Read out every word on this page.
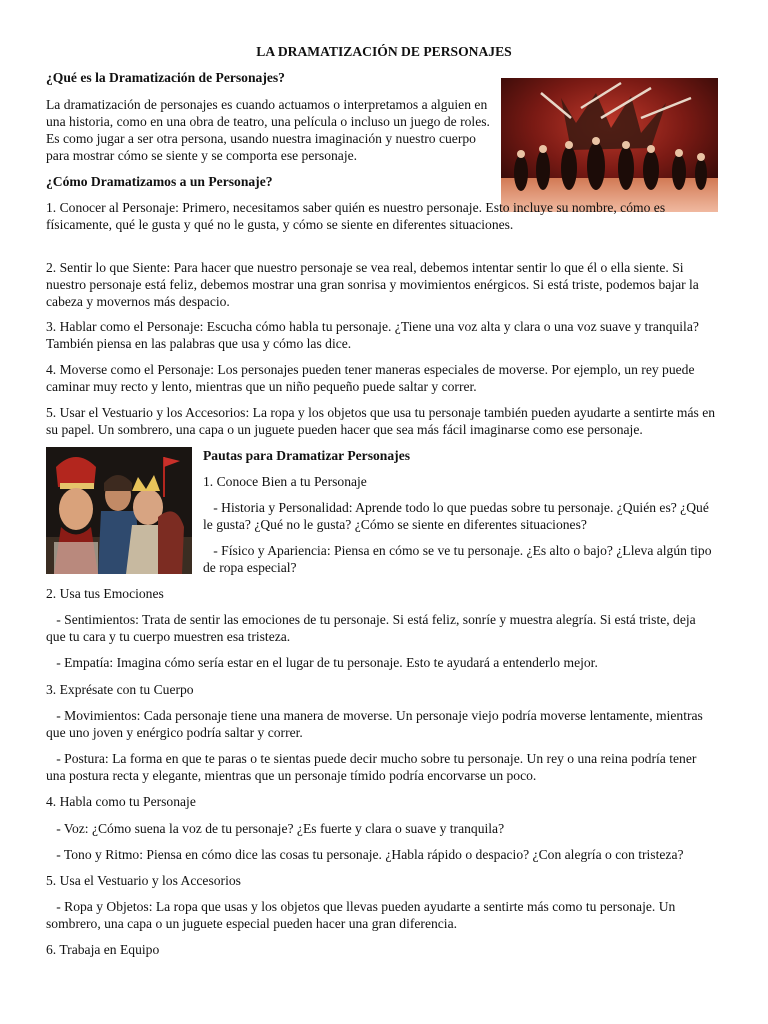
LA DRAMATIZACIÓN DE PERSONAJES

¿Qué es la Dramatización de Personajes?

La dramatización de personajes es cuando actuamos o interpretamos a alguien en una historia, como en una obra de teatro, una película o incluso un juego de roles. Es como jugar a ser otra persona, usando nuestra imaginación y nuestro cuerpo para mostrar cómo se siente y se comporta ese personaje.

¿Cómo Dramatizamos a un Personaje?

1. Conocer al Personaje: Primero, necesitamos saber quién es nuestro personaje. Esto incluye su nombre, cómo es físicamente, qué le gusta y qué no le gusta, y cómo se siente en diferentes situaciones.

2. Sentir lo que Siente: Para hacer que nuestro personaje se vea real, debemos intentar sentir lo que él o ella siente. Si nuestro personaje está feliz, debemos mostrar una gran sonrisa y movimientos enérgicos. Si está triste, podemos bajar la cabeza y movernos más despacio.

3. Hablar como el Personaje: Escucha cómo habla tu personaje. ¿Tiene una voz alta y clara o una voz suave y tranquila? También piensa en las palabras que usa y cómo las dice.

4. Moverse como el Personaje: Los personajes pueden tener maneras especiales de moverse. Por ejemplo, un rey puede caminar muy recto y lento, mientras que un niño pequeño puede saltar y correr.

5. Usar el Vestuario y los Accesorios: La ropa y los objetos que usa tu personaje también pueden ayudarte a sentirte más en su papel. Un sombrero, una capa o un juguete pueden hacer que sea más fácil imaginarse como ese personaje.

Pautas para Dramatizar Personajes

1. Conoce Bien a tu Personaje

- Historia y Personalidad: Aprende todo lo que puedas sobre tu personaje. ¿Quién es? ¿Qué le gusta? ¿Qué no le gusta? ¿Cómo se siente en diferentes situaciones?

- Físico y Apariencia: Piensa en cómo se ve tu personaje. ¿Es alto o bajo? ¿Lleva algún tipo de ropa especial?

2. Usa tus Emociones

- Sentimientos: Trata de sentir las emociones de tu personaje. Si está feliz, sonríe y muestra alegría. Si está triste, deja que tu cara y tu cuerpo muestren esa tristeza.

- Empatía: Imagina cómo sería estar en el lugar de tu personaje. Esto te ayudará a entenderlo mejor.

3. Exprésate con tu Cuerpo

- Movimientos: Cada personaje tiene una manera de moverse. Un personaje viejo podría moverse lentamente, mientras que uno joven y enérgico podría saltar y correr.

- Postura: La forma en que te paras o te sientas puede decir mucho sobre tu personaje. Un rey o una reina podría tener una postura recta y elegante, mientras que un personaje tímido podría encorvarse un poco.

4. Habla como tu Personaje

- Voz: ¿Cómo suena la voz de tu personaje? ¿Es fuerte y clara o suave y tranquila?

- Tono y Ritmo: Piensa en cómo dice las cosas tu personaje. ¿Habla rápido o despacio? ¿Con alegría o con tristeza?

5. Usa el Vestuario y los Accesorios

- Ropa y Objetos: La ropa que usas y los objetos que llevas pueden ayudarte a sentirte más como tu personaje. Un sombrero, una capa o un juguete especial pueden hacer una gran diferencia.

6. Trabaja en Equipo
